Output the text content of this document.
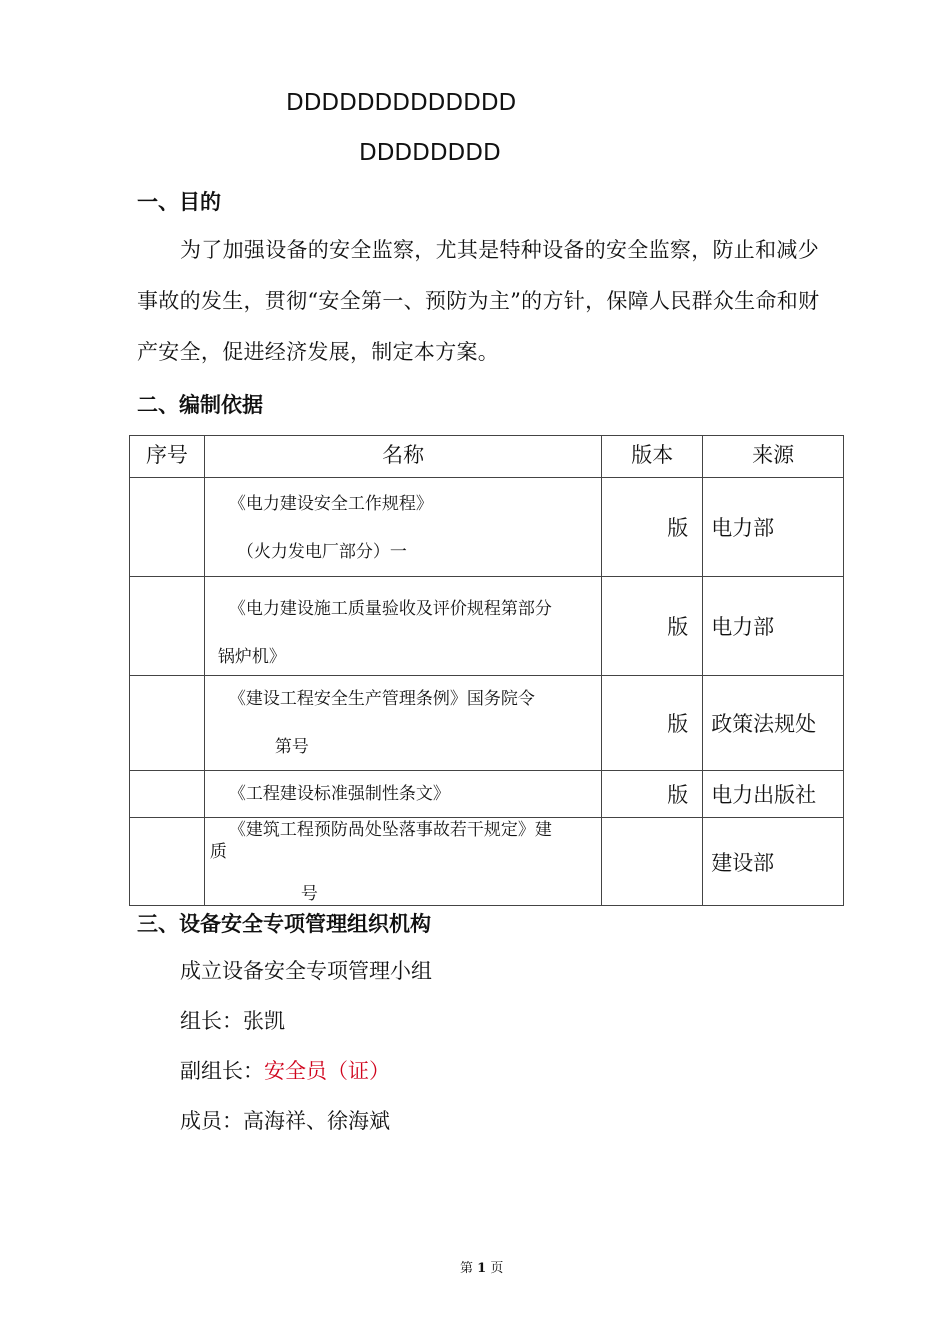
DDDDDDDDDDDDD
DDDDDDDD
一、目的
为了加强设备的安全监察，尤其是特种设备的安全监察，防止和减少事故的发生，贯彻“安全第一、预防为主”的方针，保障人民群众生命和财产安全，促进经济发展，制定本方案。
二、编制依据
序号	名称	版本	来源

	《电力建设安全工作规程》
（火力发电厂部分）一	版	电力部

	《电力建设施工质量验收及评价规程第部分
锅炉机》	版	电力部

	《建设工程安全生产管理条例》国务院令
第号	版	政策法规处

	《工程建设标准强制性条文》	版	电力出版社

	《建筑工程预防咼处坠落事故若干规定》建
质
号		建设部
三、设备安全专项管理组织机构
成立设备安全专项管理小组
组长：张凯
副组长：安全员（证）
成员：高海祥、徐海斌
第 1 页
